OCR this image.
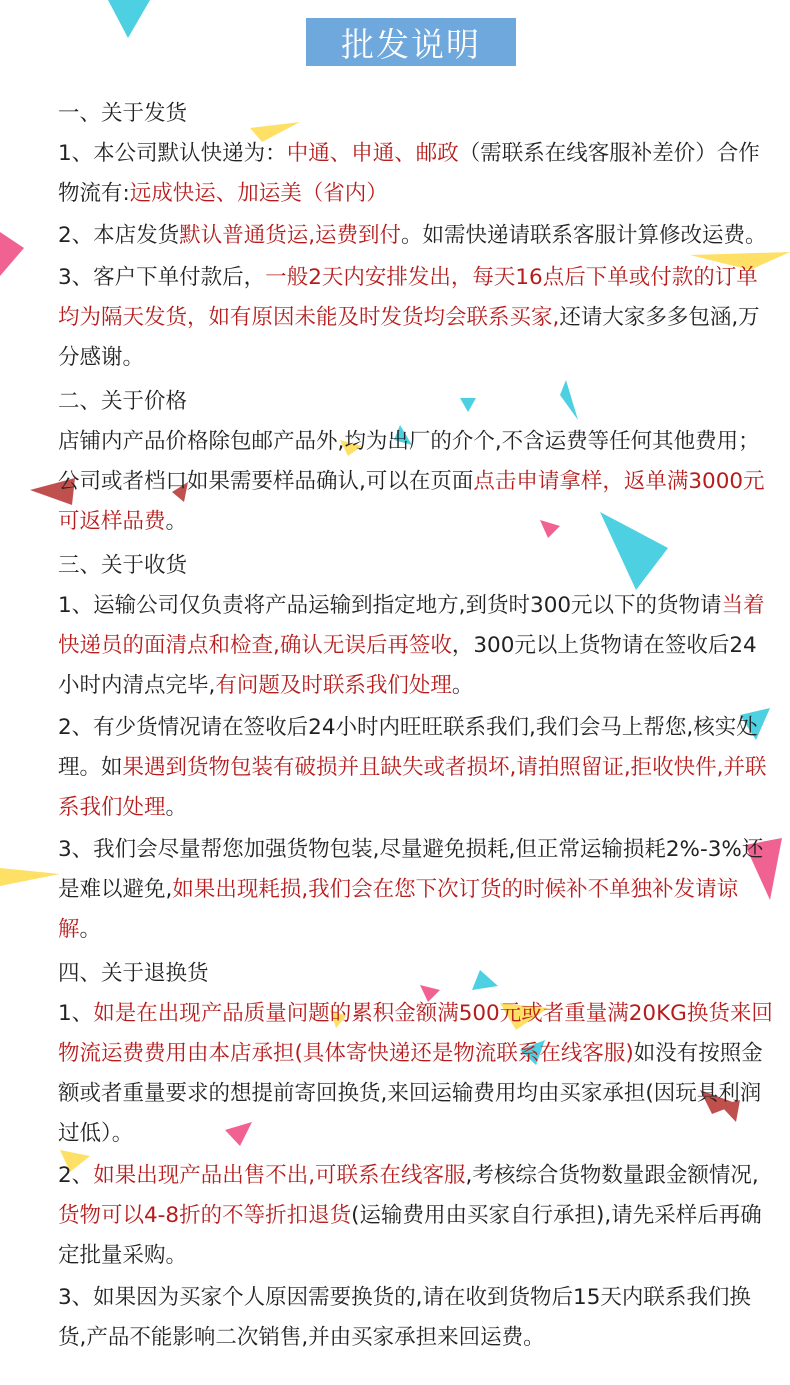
批发说明
一、关于发货
1、本公司默认快递为：中通、申通、邮政（需联系在线客服补差价）合作物流有:远成快运、加运美（省内）
2、本店发货默认普通货运,运费到付。如需快递请联系客服计算修改运费。
3、客户下单付款后，一般2天内安排发出，每天16点后下单或付款的订单均为隔天发货，如有原因未能及时发货均会联系买家,还请大家多多包涵,万分感谢。
二、关于价格
店铺内产品价格除包邮产品外,均为出厂的介个,不含运费等任何其他费用；公司或者档口如果需要样品确认,可以在页面点击申请拿样，返单满3000元可返样品费。
三、关于收货
1、运输公司仅负责将产品运输到指定地方,到货时300元以下的货物请当着快递员的面清点和检查,确认无误后再签收，300元以上货物请在签收后24小时内清点完毕,有问题及时联系我们处理。
2、有少货情况请在签收后24小时内旺旺联系我们,我们会马上帮您,核实处理。如果遇到货物包装有破损并且缺失或者损坏,请拍照留证,拒收快件,并联系我们处理。
3、我们会尽量帮您加强货物包装,尽量避免损耗,但正常运输损耗2%-3%还是难以避免,如果出现耗损,我们会在您下次订货的时候补不单独补发请谅解。
四、关于退换货
1、如是在出现产品质量问题的累积金额满500元或者重量满20KG换货来回物流运费费用由本店承担(具体寄快递还是物流联系在线客服)如没有按照金额或者重量要求的想提前寄回换货,来回运输费用均由买家承担(因玩具利润过低）。
2、如果出现产品出售不出,可联系在线客服,考核综合货物数量跟金额情况,货物可以4-8折的不等折扣退货(运输费用由买家自行承担),请先采样后再确定批量采购。
3、如果因为买家个人原因需要换货的,请在收到货物后15天内联系我们换货,产品不能影响二次销售,并由买家承担来回运费。
